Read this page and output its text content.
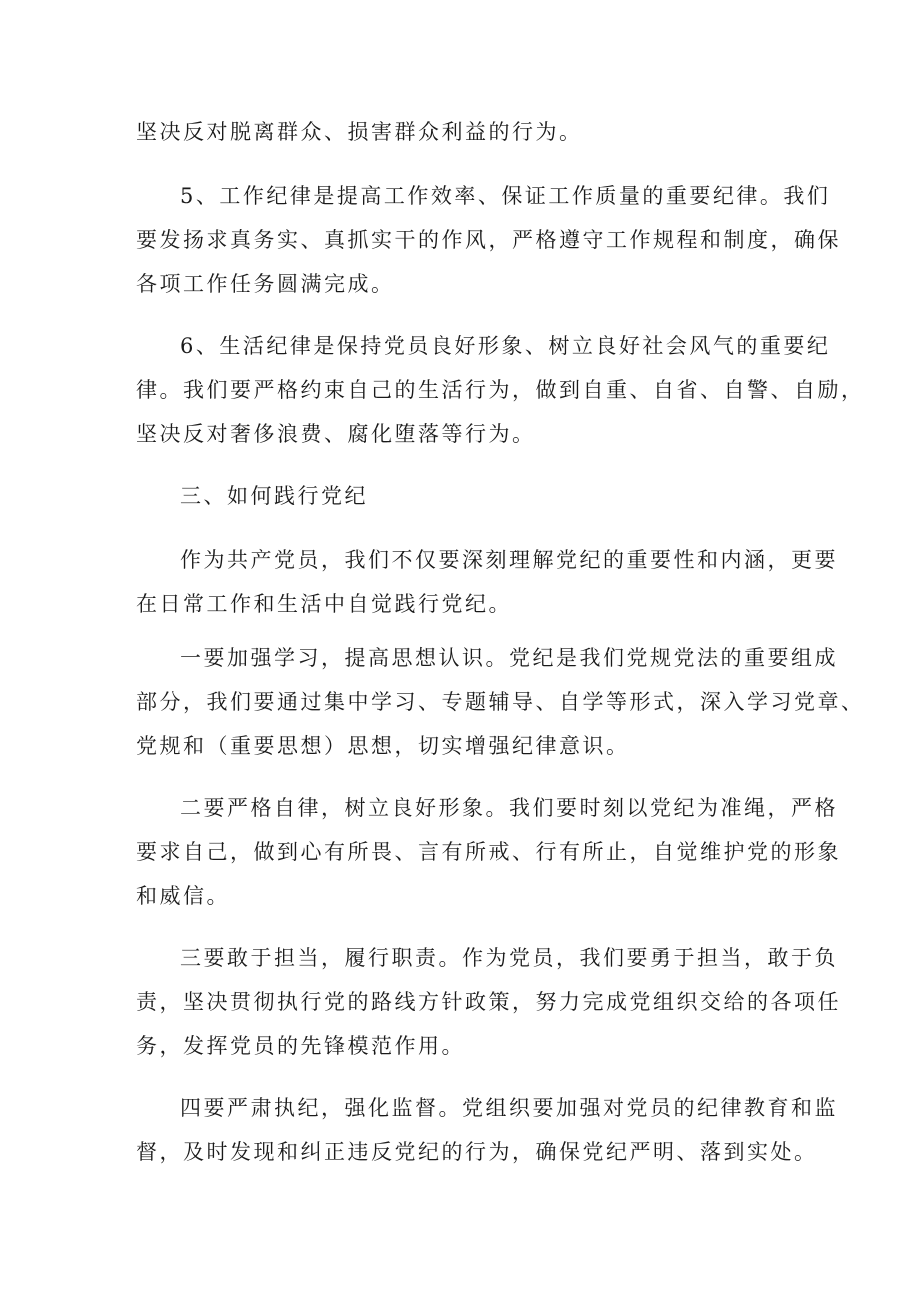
坚决反对脱离群众、损害群众利益的行为。
5、工作纪律是提高工作效率、保证工作质量的重要纪律。我们
要发扬求真务实、真抓实干的作风，严格遵守工作规程和制度，确保
各项工作任务圆满完成。
6、生活纪律是保持党员良好形象、树立良好社会风气的重要纪
律。我们要严格约束自己的生活行为，做到自重、自省、自警、自励，
坚决反对奢侈浪费、腐化堕落等行为。
三、如何践行党纪
作为共产党员，我们不仅要深刻理解党纪的重要性和内涵，更要
在日常工作和生活中自觉践行党纪。
一要加强学习，提高思想认识。党纪是我们党规党法的重要组成
部分，我们要通过集中学习、专题辅导、自学等形式，深入学习党章、
党规和（重要思想）思想，切实增强纪律意识。
二要严格自律，树立良好形象。我们要时刻以党纪为准绳，严格
要求自己，做到心有所畏、言有所戒、行有所止，自觉维护党的形象
和威信。
三要敢于担当，履行职责。作为党员，我们要勇于担当，敢于负
责，坚决贯彻执行党的路线方针政策，努力完成党组织交给的各项任
务，发挥党员的先锋模范作用。
四要严肃执纪，强化监督。党组织要加强对党员的纪律教育和监
督，及时发现和纠正违反党纪的行为，确保党纪严明、落到实处。
